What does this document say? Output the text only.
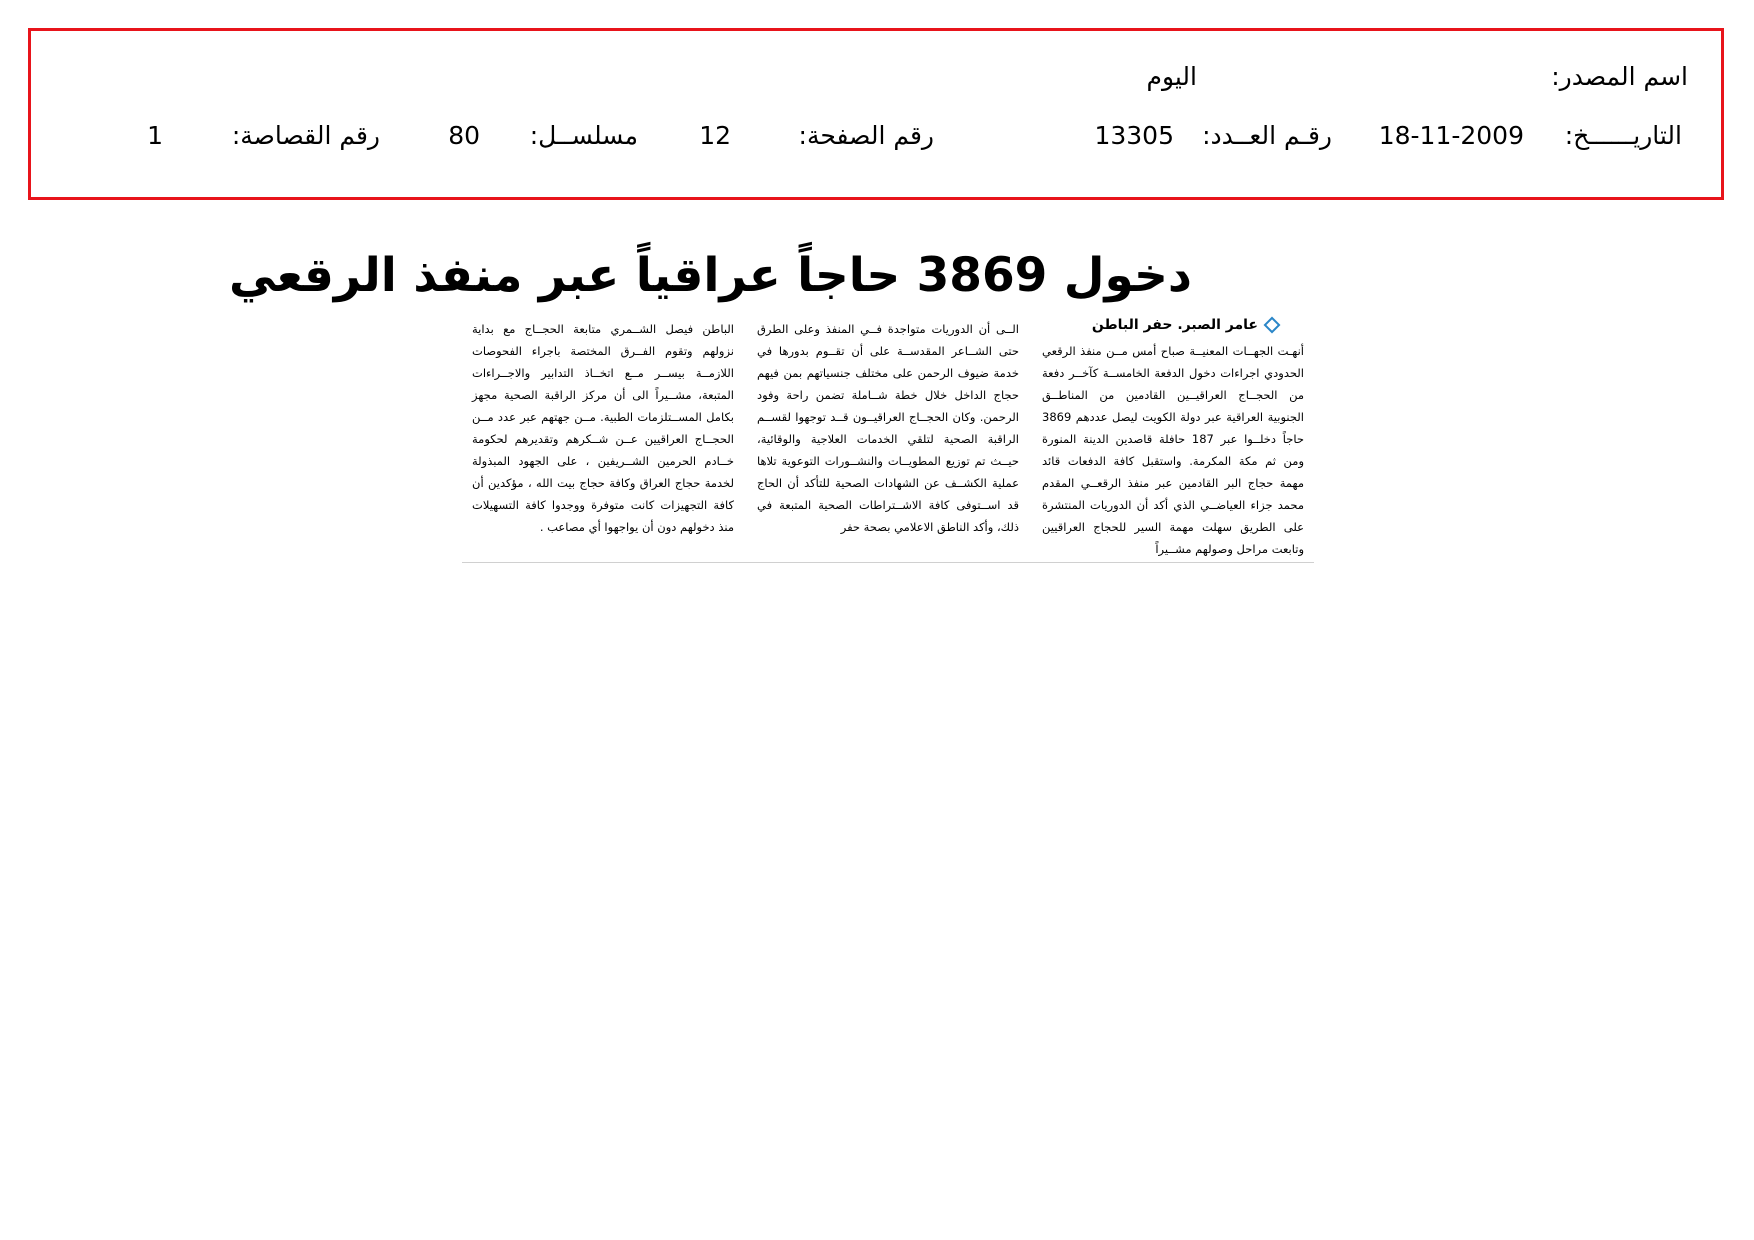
اسم المصدر:
اليوم
التاريــــــخ:
18-11-2009
رقـم العــدد:
13305
رقم الصفحة:
12
مسلســل:
80
رقم القصاصة:
1
دخول 3869 حاجاً عراقياً عبر منفذ الرقعي
عامر الصبر. حفر الباطن

أنهـت الجهــات المعنيــة صباح أمس مــن منفذ الرقعي الحدودي اجراءات دخول الدفعة الخامســة كآخــر دفعة من الحجــاج العراقيــين القادمين من المناطــق الجنوبية العراقية عبر دولة الكويت ليصل عددهم 3869 حاجاً دخلــوا عبر 187 حافلة قاصدين الدينة المنورة ومن ثم مكة المكرمة. واستقبل كافة الدفعات قائد مهمة حجاج البر القادمين عبر منفذ الرقعــي المقدم محمد جزاء العياضــي الذي أكد أن الدوريات المنتشرة على الطريق سهلت مهمة السير للحجاج العراقيين وتابعت مراحل وصولهم مشــيراً

الــى أن الدوريات متواجدة فــي المنفذ وعلى الطرق حتى الشــاعر المقدســة على أن تقــوم بدورها في خدمة ضيوف الرحمن على مختلف جنسياتهم بمن فيهم حجاج الداخل خلال خطة شــاملة تضمن راحة وفود الرحمن. وكان الحجــاج العراقيــون قــد توجهوا لقســم الراقبة الصحية لتلقي الخدمات العلاجية والوقائية، حيــث تم توزيع المطويــات والنشــورات التوعوية تلاها عملية الكشــف عن الشهادات الصحية للتأكد أن الحاج قد اســتوفى كافة الاشــتراطات الصحية المتبعة في ذلك، وأكد الناطق الاعلامي بصحة حفر

الباطن فيصل الشــمري متابعة الحجــاج مع بداية نزولهم وتقوم الفــرق المختصة باجراء الفحوصات اللازمــة بيســر مــع اتخــاذ التدابير والاجــراءات المتبعة، مشــيراً الى أن مركز الراقبة الصحية مجهز بكامل المســتلزمات الطبية. مــن جهتهم عبر عدد مــن الحجــاج العراقيين عــن شــكرهم وتقديرهم لحكومة خــادم الحرمين الشــريفين ، على الجهود المبذولة لخدمة حجاج العراق وكافة حجاج بيت الله ، مؤكدين أن كافة التجهيزات كانت متوفرة ووجدوا كافة التسهيلات منذ دخولهم دون أن يواجهوا أي مصاعب .
